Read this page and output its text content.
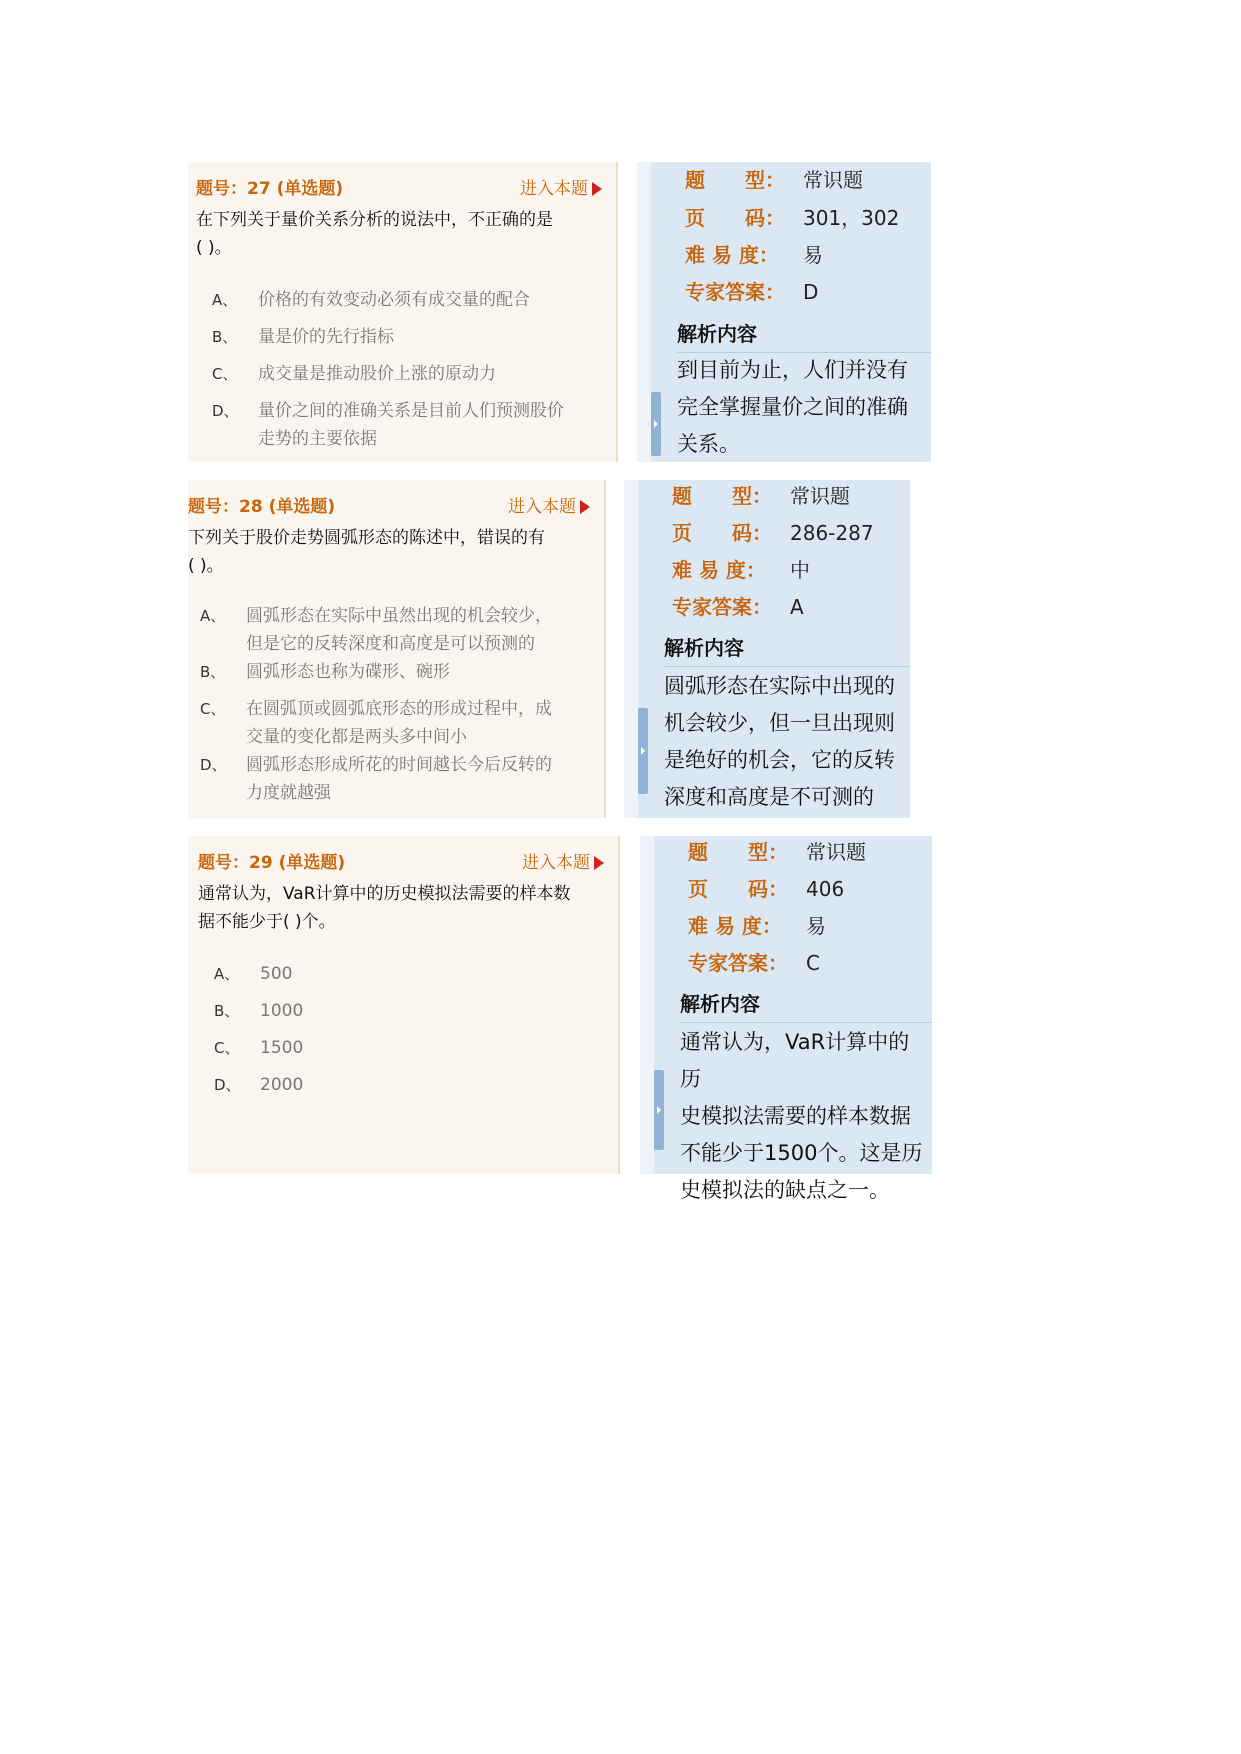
题号：27 (单选题)	进入本题
在下列关于量价关系分析的说法中，不正确的是
( )。
A、 价格的有效变动必须有成交量的配合
B、 量是价的先行指标
C、 成交量是推动股价上涨的原动力
D、 量价之间的准确关系是目前人们预测股价
走势的主要依据
题　　型： 常识题
页　　码： 301，302
难 易 度： 易
专家答案： D
解析内容
到目前为止，人们并没有
完全掌握量价之间的准确
关系。
题号：28 (单选题)	进入本题
下列关于股价走势圆弧形态的陈述中，错误的有
( )。
A、 圆弧形态在实际中虽然出现的机会较少，
但是它的反转深度和高度是可以预测的
B、 圆弧形态也称为碟形、碗形
C、 在圆弧顶或圆弧底形态的形成过程中，成
交量的变化都是两头多中间小
D、 圆弧形态形成所花的时间越长今后反转的
力度就越强
题　　型： 常识题
页　　码： 286-287
难 易 度： 中
专家答案： A
解析内容
圆弧形态在实际中出现的
机会较少，但一旦出现则
是绝好的机会，它的反转
深度和高度是不可测的
题号：29 (单选题)	进入本题
通常认为，VaR计算中的历史模拟法需要的样本数
据不能少于( )个。
A、 500
B、 1000
C、 1500
D、 2000
题　　型： 常识题
页　　码： 406
难 易 度： 易
专家答案： C
解析内容
通常认为，VaR计算中的历
史模拟法需要的样本数据
不能少于1500个。这是历
史模拟法的缺点之一。
